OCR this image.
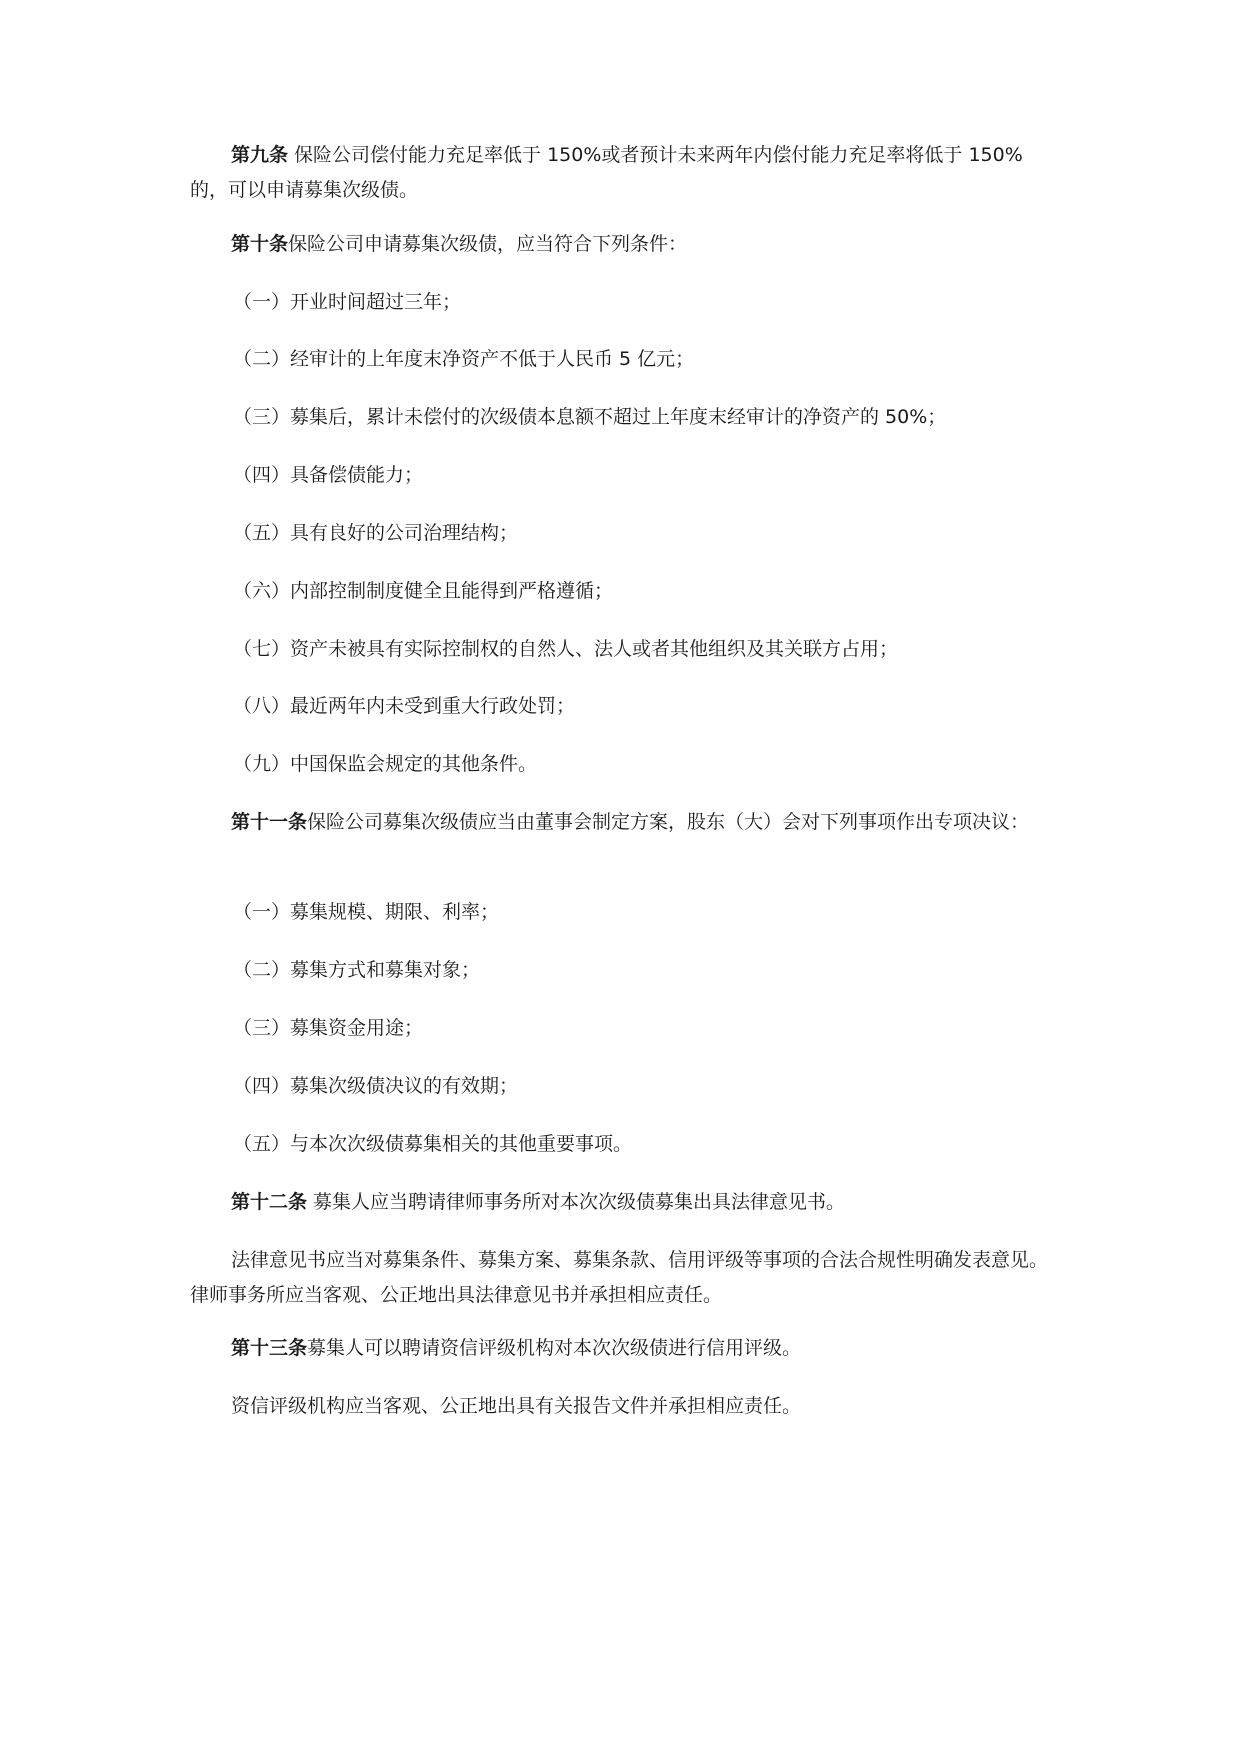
第九条 保险公司偿付能力充足率低于 150%或者预计未来两年内偿付能力充足率将低于 150%的，可以申请募集次级债。

第十条保险公司申请募集次级债，应当符合下列条件：

（一）开业时间超过三年；

（二）经审计的上年度末净资产不低于人民币 5 亿元；

（三）募集后，累计未偿付的次级债本息额不超过上年度末经审计的净资产的 50%；

（四）具备偿债能力；

（五）具有良好的公司治理结构；

（六）内部控制制度健全且能得到严格遵循；

（七）资产未被具有实际控制权的自然人、法人或者其他组织及其关联方占用；

（八）最近两年内未受到重大行政处罚；

（九）中国保监会规定的其他条件。

第十一条保险公司募集次级债应当由董事会制定方案，股东（大）会对下列事项作出专项决议：

（一）募集规模、期限、利率；

（二）募集方式和募集对象；

（三）募集资金用途；

（四）募集次级债决议的有效期；

（五）与本次次级债募集相关的其他重要事项。

第十二条 募集人应当聘请律师事务所对本次次级债募集出具法律意见书。

法律意见书应当对募集条件、募集方案、募集条款、信用评级等事项的合法合规性明确发表意见。律师事务所应当客观、公正地出具法律意见书并承担相应责任。

第十三条募集人可以聘请资信评级机构对本次次级债进行信用评级。

资信评级机构应当客观、公正地出具有关报告文件并承担相应责任。
